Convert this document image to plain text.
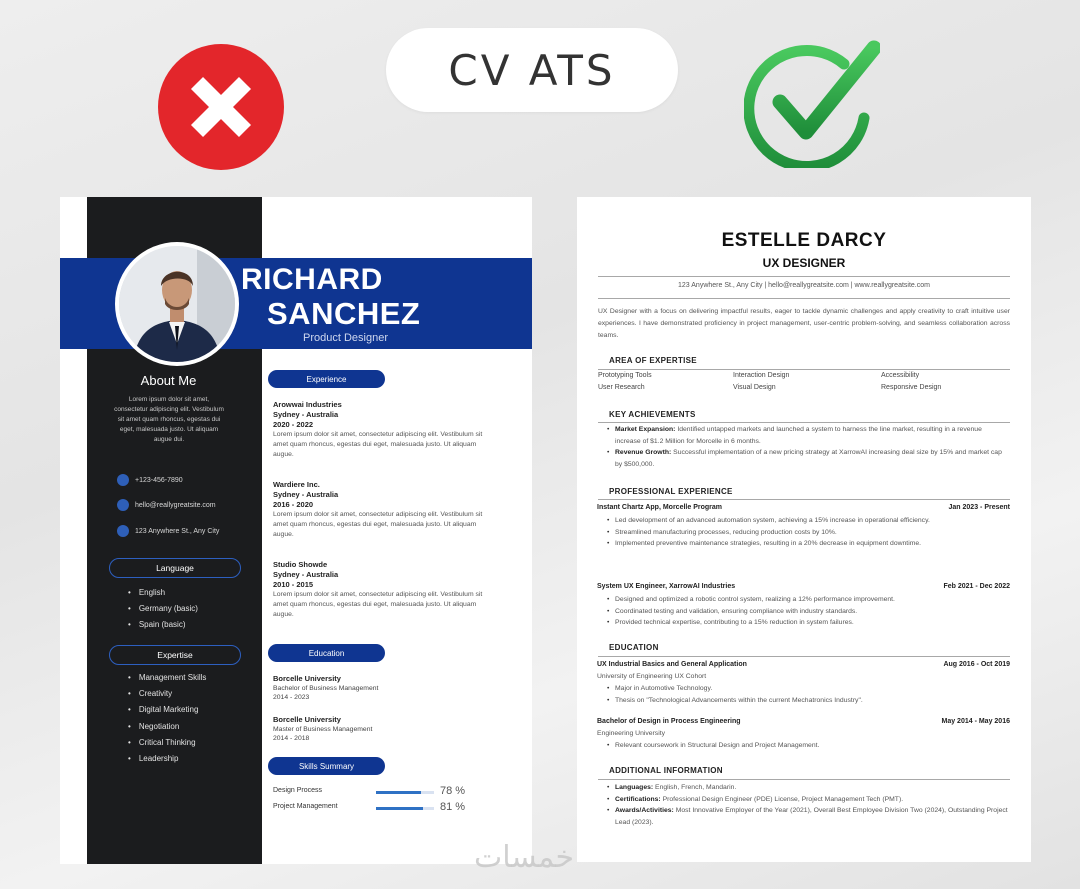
CV ATS
RICHARD
SANCHEZ
Product Designer
About Me
Lorem ipsum dolor sit amet, consectetur adipiscing elit. Vestibulum sit amet quam rhoncus, egestas dui eget, malesuada justo. Ut aliquam augue dui.
+123-456-7890
hello@reallygreatsite.com
123 Anywhere St., Any City
Language
• English
• Germany (basic)
• Spain (basic)
Expertise
• Management Skills
• Creativity
• Digital Marketing
• Negotiation
• Critical Thinking
• Leadership
Experience
Arowwai Industries
Sydney - Australia
2020 - 2022
Lorem ipsum dolor sit amet, consectetur adipiscing elit. Vestibulum sit amet quam rhoncus, egestas dui eget, malesuada justo. Ut aliquam augue.
Wardiere Inc.
Sydney - Australia
2016 - 2020
Lorem ipsum dolor sit amet, consectetur adipiscing elit. Vestibulum sit amet quam rhoncus, egestas dui eget, malesuada justo. Ut aliquam augue.
Studio Showde
Sydney - Australia
2010 - 2015
Lorem ipsum dolor sit amet, consectetur adipiscing elit. Vestibulum sit amet quam rhoncus, egestas dui eget, malesuada justo. Ut aliquam augue.
Education
Borcelle University
Bachelor of Business Management
2014 - 2023
Borcelle University
Master of Business Management
2014 - 2018
Skills Summary
Design Process	78 %
Project Management	81 %
ESTELLE DARCY
UX DESIGNER
123 Anywhere St., Any City | hello@reallygreatsite.com | www.reallygreatsite.com
UX Designer with a focus on delivering impactful results, eager to tackle dynamic challenges and apply creativity to craft intuitive user experiences. I have demonstrated proficiency in project management, user-centric problem-solving, and seamless collaboration across teams.
AREA OF EXPERTISE
Prototyping Tools	Interaction Design	Accessibility
User Research	Visual Design	Responsive Design
KEY ACHIEVEMENTS
• Market Expansion: Identified untapped markets and launched a system to harness the line market, resulting in a revenue increase of $1.2 Million for Morcelle in 6 months.
• Revenue Growth: Successful implementation of a new pricing strategy at XarrowAI increasing deal size by 15% and market cap by $500,000.
PROFESSIONAL EXPERIENCE
Instant Chartz App, Morcelle Program	Jan 2023 - Present
• Led development of an advanced automation system, achieving a 15% increase in operational efficiency.
• Streamlined manufacturing processes, reducing production costs by 10%.
• Implemented preventive maintenance strategies, resulting in a 20% decrease in equipment downtime.
System UX Engineer, XarrowAI Industries	Feb 2021 - Dec 2022
• Designed and optimized a robotic control system, realizing a 12% performance improvement.
• Coordinated testing and validation, ensuring compliance with industry standards.
• Provided technical expertise, contributing to a 15% reduction in system failures.
EDUCATION
UX Industrial Basics and General Application	Aug 2016 - Oct 2019
University of Engineering UX Cohort
• Major in Automotive Technology.
• Thesis on "Technological Advancements within the current Mechatronics Industry".
Bachelor of Design in Process Engineering	May 2014 - May 2016
Engineering University
• Relevant coursework in Structural Design and Project Management.
ADDITIONAL INFORMATION
• Languages: English, French, Mandarin.
• Certifications: Professional Design Engineer (PDE) License, Project Management Tech (PMT).
• Awards/Activities: Most Innovative Employer of the Year (2021), Overall Best Employee Division Two (2024), Outstanding Project Lead (2023).
خمسات
